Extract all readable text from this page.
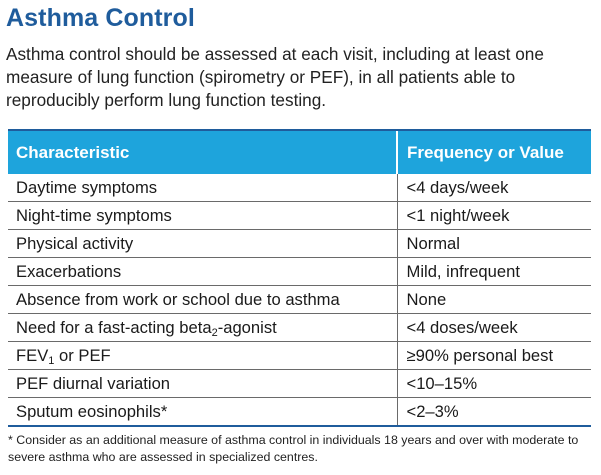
Asthma Control
Asthma control should be assessed at each visit, including at least one measure of lung function (spirometry or PEF), in all patients able to reproducibly perform lung function testing.
Characteristic	Frequency or Value
Daytime symptoms	<4 days/week
Night-time symptoms	<1 night/week
Physical activity	Normal
Exacerbations	Mild, infrequent
Absence from work or school due to asthma	None
Need for a fast-acting beta$_2$-agonist	<4 doses/week
$FEV_1$ or PEF	≥90% personal best
PEF diurnal variation	<10–15%
Sputum eosinophils*	<2–3%
* Consider as an additional measure of asthma control in individuals 18 years and over with moderate to severe asthma who are assessed in specialized centres.
